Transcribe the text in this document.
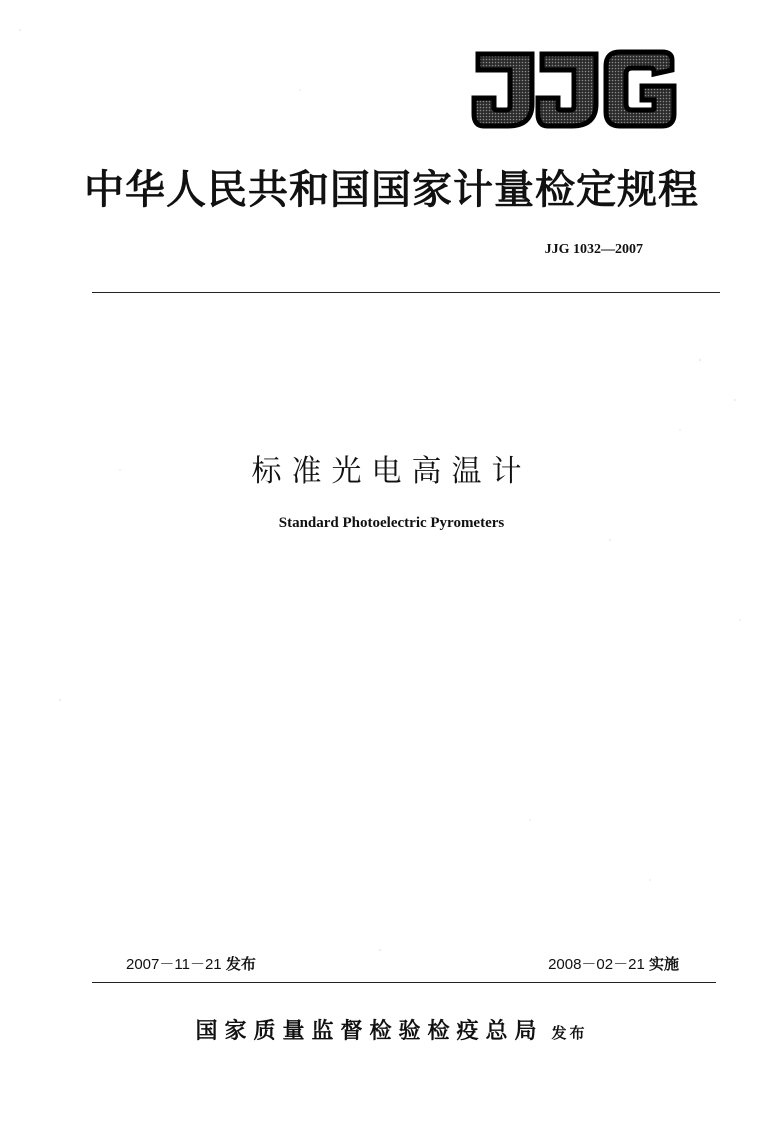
中华人民共和国国家计量检定规程
JJG 1032—2007
标准光电高温计
Standard Photoelectric Pyrometers
2007－11－21 发布	2008－02－21 实施
国家质量监督检验检疫总局 发布
